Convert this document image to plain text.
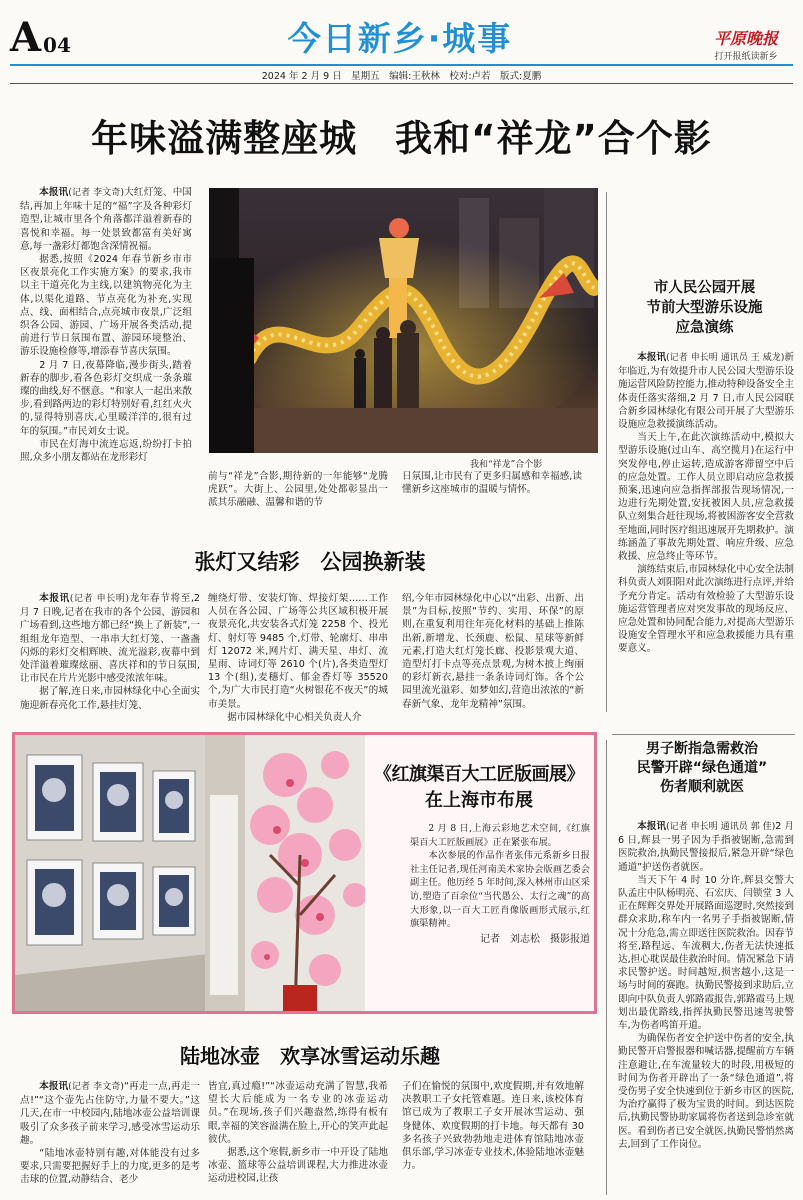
A 04	今日新乡·城事	平原晚报
打开报纸读新乡
2024 年 2 月 9 日　星期五　编辑:王秋林　校对:卢若　版式:夏鹏
年味溢满整座城　我和“祥龙”合个影

本报讯(记者 李文奇)大红灯笼、中国结,再加上年味十足的“福”字及各种彩灯造型,让城市里各个角落都洋溢着新春的喜悦和幸福。每一处景致都富有美好寓意,每一盏彩灯都饱含深情祝福。

据悉,按照《2024 年春节新乡市市区夜景亮化工作实施方案》的要求,我市以主干道亮化为主线,以建筑物亮化为主体,以渠化道路、节点亮化为补充,实现点、线、面相结合,点亮城市夜景,广泛组织各公园、游园、广场开展各类活动,提前进行节日氛围布置、游园环境整治、游乐设施检修等,增添春节喜庆氛围。

2 月 7 日,夜幕降临,漫步街头,踏着新春的脚步,看各色彩灯交织成一条条璀璨的曲线,好不惬意。“和家人一起出来散步,看到路两边的彩灯特别好看,红红火火的,显得特别喜庆,心里暖洋洋的,很有过年的氛围。”市民刘女士说。

市民在灯海中流连忘返,纷纷打卡拍照,众多小朋友都站在龙形彩灯

我和“祥龙”合个影

前与“祥龙”合影,期待新的一年能够“龙腾虎跃”。大街上、公园里,处处都彰显出一派其乐融融、温馨和谐的节

日氛围,让市民有了更多归属感和幸福感,读懂新乡这座城市的温暖与情怀。

市人民公园开展
节前大型游乐设施
应急演练

本报讯(记者 申长明 通讯员 王 威龙)新年临近,为有效提升市人民公园大型游乐设施运营风险防控能力,推动特种设备安全主体责任落实落细,2 月 7 日,市人民公园联合新乡园林绿化有限公司开展了大型游乐设施应急救援演练活动。

当天上午,在此次演练活动中,模拟大型游乐设施(过山车、高空揽月)在运行中突发停电,停止运转,造成游客滞留空中后的应急处置。工作人员立即启动应急救援预案,迅速向应急指挥部报告现场情况,一边进行先期处置,安抚被困人员,应急救援队立刻集合赶往现场,将被困游客安全营救至地面,同时医疗组迅速展开先期救护。演练涵盖了事故先期处置、响应升级、应急救援、应急终止等环节。

演练结束后,市园林绿化中心安全法制科负责人刘阳阳对此次演练进行点评,并给予充分肯定。活动有效检验了大型游乐设施运营管理者应对突发事故的现场反应、应急处置和协同配合能力,对提高大型游乐设施安全管理水平和应急救援能力具有重要意义。

张灯又结彩　公园换新装

本报讯(记者 申长明)龙年春节将至,2 月 7 日晚,记者在我市的各个公园、游园和广场看到,这些地方都已经“换上了新装”,一组组龙年造型、一串串大红灯笼、一盏盏闪烁的彩灯交相辉映、流光溢彩,夜幕中到处洋溢着璀璨炫丽、喜庆祥和的节日氛围,让市民在片片光影中感受浓浓年味。

据了解,连日来,市园林绿化中心全面实施迎新春亮化工作,悬挂灯笼、

缠绕灯带、安装灯饰、焊接灯架……工作人员在各公园、广场等公共区域积极开展夜景亮化,共安装各式灯笼 2258 个、投光灯、射灯等 9485 个,灯带、轮廓灯、串串灯 12072 米,网片灯、满天星、串灯、流星雨、诗词灯等 2610 个(片),各类造型灯 13 个(组),麦穗灯、郁金香灯等 35520 个,为广大市民打造“火树银花不夜天”的城市美景。

据市园林绿化中心相关负责人介

绍,今年市园林绿化中心以“出彩、出新、出景”为目标,按照“节约、实用、环保”的原则,在重复利用往年亮化材料的基础上推陈出新,新增龙、长颈鹿、松鼠、星球等新鲜元素,打造大红灯笼长廊、投影景观大道、造型灯打卡点等亮点景观,为树木披上绚丽的彩灯新衣,悬挂一条条诗词灯饰。各个公园里流光溢彩、如梦如幻,营造出浓浓的“新春新气象、龙年龙精神”氛围。

《红旗渠百大工匠版画展》
在上海市布展

2 月 8 日,上海云彩地艺术空间,《红旗渠百大工匠版画展》正在紧张布展。

本次参展的作品作者张伟元系新乡日报社主任记者,现任河南美术家协会版画艺委会副主任。他历经 5 年时间,深入林州市山区采访,塑造了百余位“当代愚公、太行之魂”的高大形象,以一百大工匠肖像版画形式展示,红旗渠精神。

记者　刘志松　摄影报道

男子断指急需救治
民警开辟“绿色通道”
伤者顺利就医

本报讯(记者 申长明 通讯员 郭 佳)2 月 6 日,辉县一男子因为手指被锯断,急需到医院救治,执勤民警接报后,紧急开辟“绿色通道”护送伤者就医。

当天下午 4 时 10 分许,辉县交警大队孟庄中队杨明亮、石宏庆、闫锁堂 3 人正在辉辉交界处开展路面巡逻时,突然接到群众求助,称车内一名男子手指被锯断,情况十分危急,需立即送往医院救治。因春节将至,路程远、车流稠大,伤者无法快速抵达,担心耽误最佳救治时间。情况紧急下请求民警护送。时间越短,损害越小,这是一场与时间的赛跑。执勤民警接到求助后,立即向中队负责人郭路霞报告,郭路霞马上规划出最优路线,指挥执勤民警迅速驾驶警车,为伤者鸣笛开道。

为确保伤者安全护送中伤者的安全,执勤民警开启警报器和喊话器,提醒前方车辆注意避让,在车流量较大的时段,用极短的时间为伤者开辟出了一条“绿色通道”,将受伤男子安全快速到位于新乡市区的医院,为治疗赢得了极为宝贵的时间。到达医院后,执勤民警协助家属将伤者送到急诊室就医。看到伤者已安全就医,执勤民警悄然离去,回到了工作岗位。

陆地冰壶　欢享冰雪运动乐趣

本报讯(记者 李文奇)“再走一点,再走一点!”“这个壶先占住防守,力量不要大。”这几天,在市一中校园内,陆地冰壶公益培训课吸引了众多孩子前来学习,感受冰雪运动乐趣。

“陆地冰壶特别有趣,对体能没有过多要求,只需要把握好手上的力度,更多的是考击球的位置,动静结合、老少

皆宜,真过瘾!”“冰壶运动充满了智慧,我希望长大后能成为一名专业的冰壶运动员。”在现场,孩子们兴趣盎然,练得有板有眼,幸福的笑容溢满在脸上,开心的笑声此起彼伏。

据悉,这个寒假,新乡市一中开设了陆地冰壶、篮球等公益培训课程,大力推进冰壶运动进校园,让孩

子们在愉悦的氛围中,欢度假期,并有效地解决教职工子女托管难题。连日来,该校体育馆已成为了教职工子女开展冰雪运动、强身健体、欢度假期的打卡地。每天都有 30 多名孩子兴致勃勃地走进体育馆陆地冰壶俱乐部,学习冰壶专业技术,体验陆地冰壶魅力。
